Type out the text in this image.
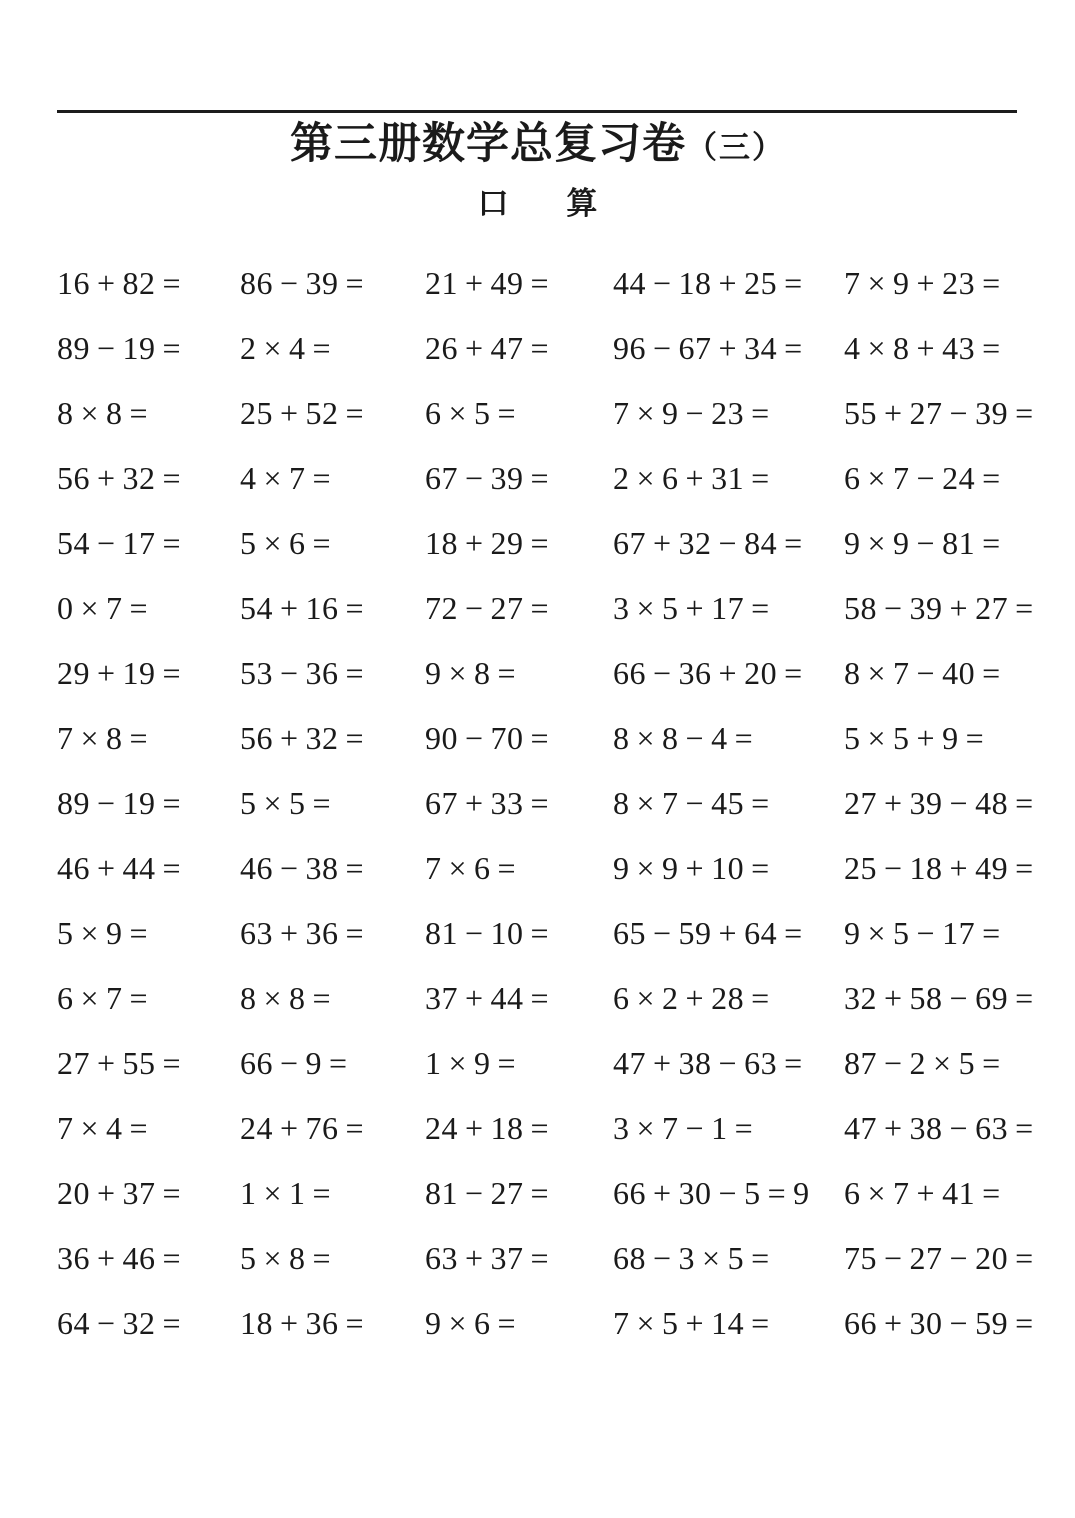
第三册数学总复习卷（三）
口 算
16 + 82 =	86 − 39 =	21 + 49 =	44 − 18 + 25 =	7 × 9 + 23 =
89 − 19 =	2 × 4 =	26 + 47 =	96 − 67 + 34 =	4 × 8 + 43 =
8 × 8 =	25 + 52 =	6 × 5 =	7 × 9 − 23 =	55 + 27 − 39 =
56 + 32 =	4 × 7 =	67 − 39 =	2 × 6 + 31 =	6 × 7 − 24 =
54 − 17 =	5 × 6 =	18 + 29 =	67 + 32 − 84 =	9 × 9 − 81 =
0 × 7 =	54 + 16 =	72 − 27 =	3 × 5 + 17 =	58 − 39 + 27 =
29 + 19 =	53 − 36 =	9 × 8 =	66 − 36 + 20 =	8 × 7 − 40 =
7 × 8 =	56 + 32 =	90 − 70 =	8 × 8 − 4 =	5 × 5 + 9 =
89 − 19 =	5 × 5 =	67 + 33 =	8 × 7 − 45 =	27 + 39 − 48 =
46 + 44 =	46 − 38 =	7 × 6 =	9 × 9 + 10 =	25 − 18 + 49 =
5 × 9 =	63 + 36 =	81 − 10 =	65 − 59 + 64 =	9 × 5 − 17 =
6 × 7 =	8 × 8 =	37 + 44 =	6 × 2 + 28 =	32 + 58 − 69 =
27 + 55 =	66 − 9 =	1 × 9 =	47 + 38 − 63 =	87 − 2 × 5 =
7 × 4 =	24 + 76 =	24 + 18 =	3 × 7 − 1 =	47 + 38 − 63 =
20 + 37 =	1 × 1 =	81 − 27 =	66 + 30 − 5 = 9	6 × 7 + 41 =
36 + 46 =	5 × 8 =	63 + 37 =	68 − 3 × 5 =	75 − 27 − 20 =
64 − 32 =	18 + 36 =	9 × 6 =	7 × 5 + 14 =	66 + 30 − 59 =
